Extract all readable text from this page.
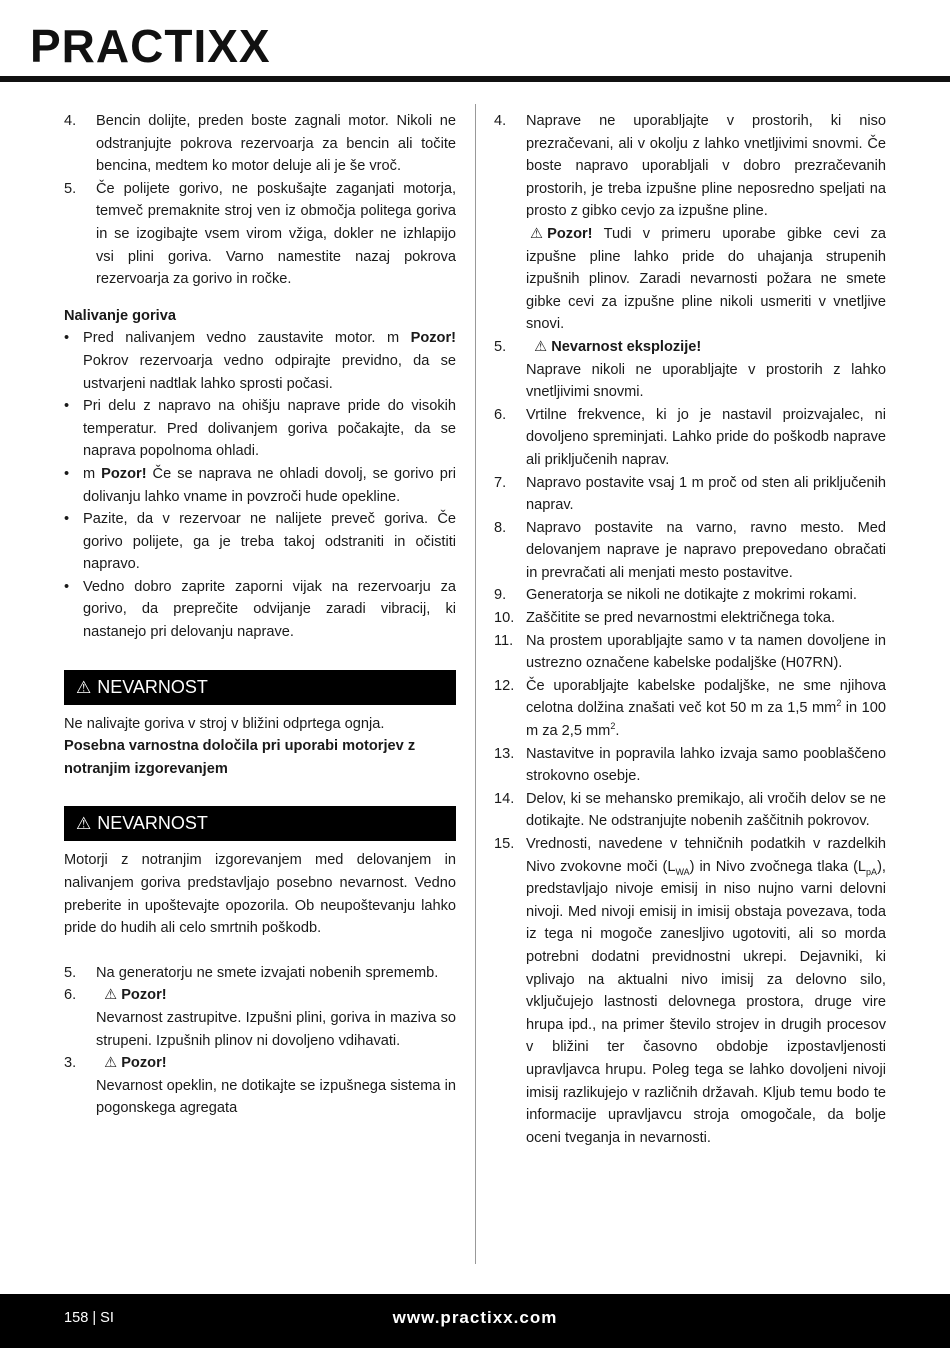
PRACTIXX
4. Bencin dolijte, preden boste zagnali motor. Nikoli ne odstranjujte pokrova rezervoarja za bencin ali točite bencina, medtem ko motor deluje ali je še vroč.
5. Če polijete gorivo, ne poskušajte zaganjati motorja, temveč premaknite stroj ven iz območja politega goriva in se izogibajte vsem virom vžiga, dokler ne izhlapijo vsi plini goriva. Varno namestite nazaj pokrova rezervoarja za gorivo in ročke.
Nalivanje goriva
• Pred nalivanjem vedno zaustavite motor. m Pozor! Pokrov rezervoarja vedno odpirajte previdno, da se ustvarjeni nadtlak lahko sprosti počasi.
• Pri delu z napravo na ohišju naprave pride do visokih temperatur. Pred dolivanjem goriva počakajte, da se naprava popolnoma ohladi.
• m Pozor! Če se naprava ne ohladi dovolj, se gorivo pri dolivanju lahko vname in povzroči hude opekline.
• Pazite, da v rezervoar ne nalijete preveč goriva. Če gorivo polijete, ga je treba takoj odstraniti in očistiti napravo.
• Vedno dobro zaprite zaporni vijak na rezervoarju za gorivo, da preprečite odvijanje zaradi vibracij, ki nastanejo pri delovanju naprave.
⚠ NEVARNOST

Ne nalivajte goriva v stroj v bližini odprtega ognja.

Posebna varnostna določila pri uporabi motorjev z notranjim izgorevanjem
⚠ NEVARNOST

Motorji z notranjim izgorevanjem med delovanjem in nalivanjem goriva predstavljajo posebno nevarnost. Vedno preberite in upoštevajte opozorila. Ob neupoštevanju lahko pride do hudih ali celo smrtnih poškodb.

5. Na generatorju ne smete izvajati nobenih sprememb.
6. ⚠ Pozor!
Nevarnost zastrupitve. Izpušni plini, goriva in maziva so strupeni. Izpušnih plinov ni dovoljeno vdihavati.
3. ⚠ Pozor!
Nevarnost opeklin, ne dotikajte se izpušnega sistema in pogonskega agregata
4. Naprave ne uporabljajte v prostorih, ki niso prezračevani, ali v okolju z lahko vnetljivimi snovmi. Če boste napravo uporabljali v dobro prezračevanih prostorih, je treba izpušne pline neposredno speljati na prosto z gibko cevjo za izpušne pline.
⚠ Pozor! Tudi v primeru uporabe gibke cevi za izpušne pline lahko pride do uhajanja strupenih izpušnih plinov. Zaradi nevarnosti požara ne smete gibke cevi za izpušne pline nikoli usmeriti v vnetljive snovi.
5. ⚠ Nevarnost eksplozije!
Naprave nikoli ne uporabljajte v prostorih z lahko vnetljivimi snovmi.
6. Vrtilne frekvence, ki jo je nastavil proizvajalec, ni dovoljeno spreminjati. Lahko pride do poškodb naprave ali priključenih naprav.
7. Napravo postavite vsaj 1 m proč od sten ali priključenih naprav.
8. Napravo postavite na varno, ravno mesto. Med delovanjem naprave je napravo prepovedano obračati in prevračati ali menjati mesto postavitve.
9. Generatorja se nikoli ne dotikajte z mokrimi rokami.
10. Zaščitite se pred nevarnostmi električnega toka.
11. Na prostem uporabljajte samo v ta namen dovoljene in ustrezno označene kabelske podaljške (H07RN).
12. Če uporabljajte kabelske podaljške, ne sme njihova celotna dolžina znašati več kot 50 m za 1,5 $mm^2$ in 100 m za 2,5 $mm^2$.
13. Nastavitve in popravila lahko izvaja samo pooblaščeno strokovno osebje.
14. Delov, ki se mehansko premikajo, ali vročih delov se ne dotikajte. Ne odstranjujte nobenih zaščitnih pokrovov.
15. Vrednosti, navedene v tehničnih podatkih v razdelkih Nivo zvokovne moči $(L_{WA})$ in Nivo zvočnega tlaka $(L_{pA})$, predstavljajo nivoje emisij in niso nujno varni delovni nivoji. Med nivoji emisij in imisij obstaja povezava, toda iz tega ni mogoče zanesljivo ugotoviti, ali so morda potrebni dodatni previdnostni ukrepi. Dejavniki, ki vplivajo na aktualni nivo imisij za delovno silo, vključujejo lastnosti delovnega prostora, druge vire hrupa ipd., na primer število strojev in drugih procesov v bližini ter časovno obdobje izpostavljenosti upravljavca hrupu. Poleg tega se lahko dovoljeni nivoji imisij razlikujejo v različnih državah. Kljub temu bodo te informacije upravljavcu stroja omogočale, da bolje oceni tveganja in nevarnosti.
158 | SI	www.practixx.com
